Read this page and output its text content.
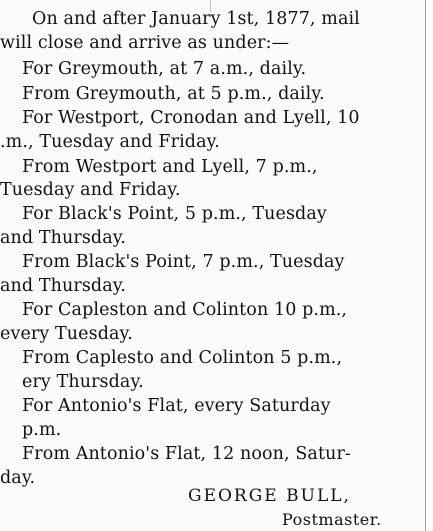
On and after January 1st, 1877, mail
will close and arrive as under:—
For Greymouth, at 7 a.m., daily.
From Greymouth, at 5 p.m., daily.
For Westport, Cronodan and Lyell, 10
.m., Tuesday and Friday.
From Westport and Lyell, 7 p.m.,
Tuesday and Friday.
For Black's Point, 5 p.m., Tuesday
and Thursday.
From Black's Point, 7 p.m., Tuesday
and Thursday.
For Capleston and Colinton 10 p.m.,
every Tuesday.
From Caplesto and Colinton 5 p.m.,
ery Thursday.
For Antonio's Flat, every Saturday
p.m.
From Antonio's Flat, 12 noon, Satur-
day.
GEORGE BULL,
Postmaster.
